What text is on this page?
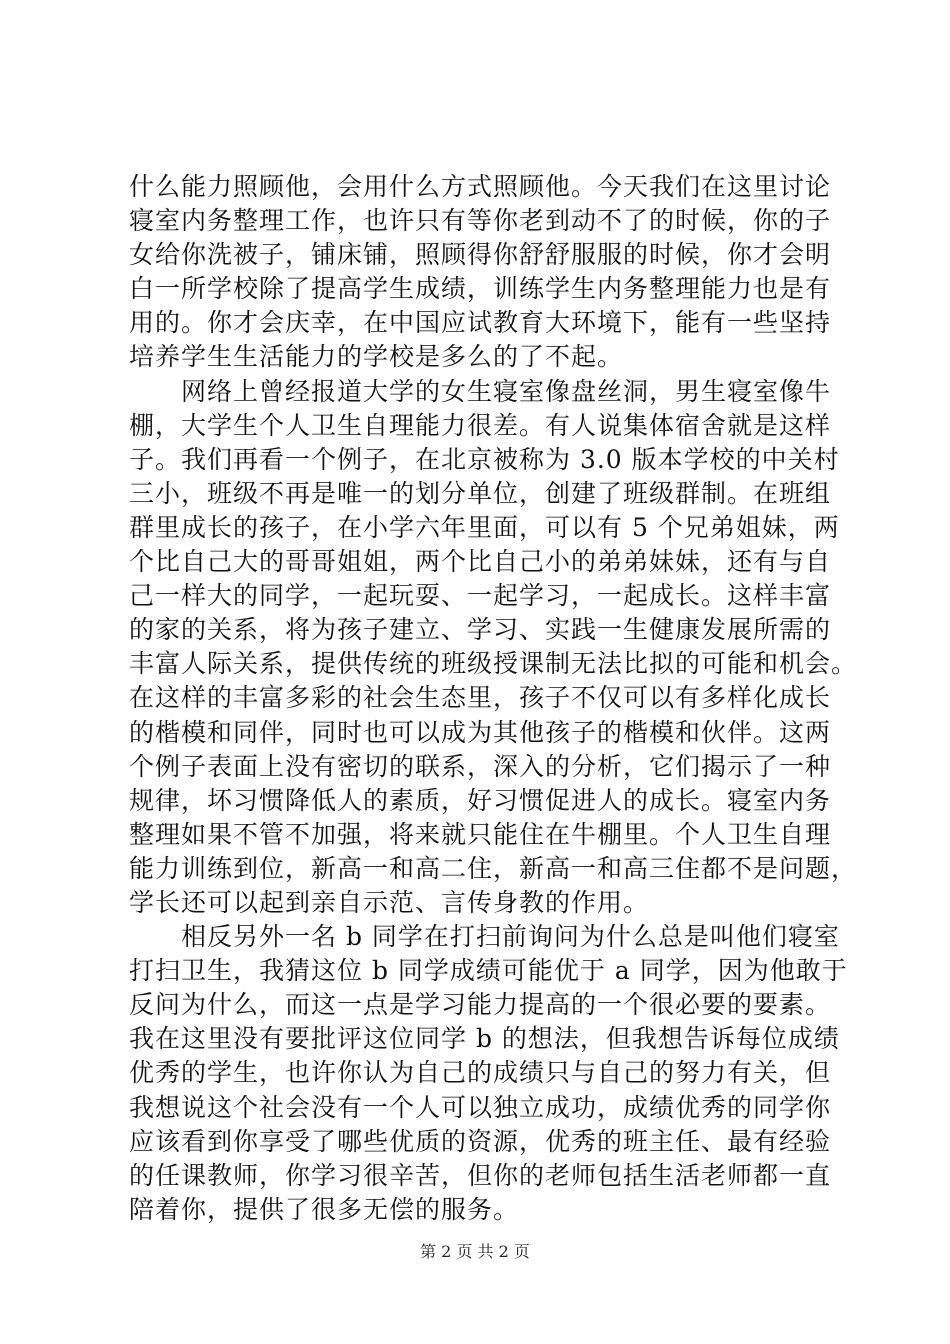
什么能力照顾他，会用什么方式照顾他。今天我们在这里讨论
寝室内务整理工作，也许只有等你老到动不了的时候，你的子
女给你洗被子，铺床铺，照顾得你舒舒服服的时候，你才会明
白一所学校除了提高学生成绩，训练学生内务整理能力也是有
用的。你才会庆幸，在中国应试教育大环境下，能有一些坚持
培养学生生活能力的学校是多么的了不起。
　　网络上曾经报道大学的女生寝室像盘丝洞，男生寝室像牛
棚，大学生个人卫生自理能力很差。有人说集体宿舍就是这样
子。我们再看一个例子，在北京被称为 3.0 版本学校的中关村
三小，班级不再是唯一的划分单位，创建了班级群制。在班组
群里成长的孩子，在小学六年里面，可以有 5 个兄弟姐妹，两
个比自己大的哥哥姐姐，两个比自己小的弟弟妹妹，还有与自
己一样大的同学，一起玩耍、一起学习，一起成长。这样丰富
的家的关系，将为孩子建立、学习、实践一生健康发展所需的
丰富人际关系，提供传统的班级授课制无法比拟的可能和机会。
在这样的丰富多彩的社会生态里，孩子不仅可以有多样化成长
的楷模和同伴，同时也可以成为其他孩子的楷模和伙伴。这两
个例子表面上没有密切的联系，深入的分析，它们揭示了一种
规律，坏习惯降低人的素质，好习惯促进人的成长。寝室内务
整理如果不管不加强，将来就只能住在牛棚里。个人卫生自理
能力训练到位，新高一和高二住，新高一和高三住都不是问题，
学长还可以起到亲自示范、言传身教的作用。
　　相反另外一名 b 同学在打扫前询问为什么总是叫他们寝室
打扫卫生，我猜这位 b 同学成绩可能优于 a 同学，因为他敢于
反问为什么，而这一点是学习能力提高的一个很必要的要素。
我在这里没有要批评这位同学 b 的想法，但我想告诉每位成绩
优秀的学生，也许你认为自己的成绩只与自己的努力有关，但
我想说这个社会没有一个人可以独立成功，成绩优秀的同学你
应该看到你享受了哪些优质的资源，优秀的班主任、最有经验
的任课教师，你学习很辛苦，但你的老师包括生活老师都一直
陪着你，提供了很多无偿的服务。
第 2 页 共 2 页
